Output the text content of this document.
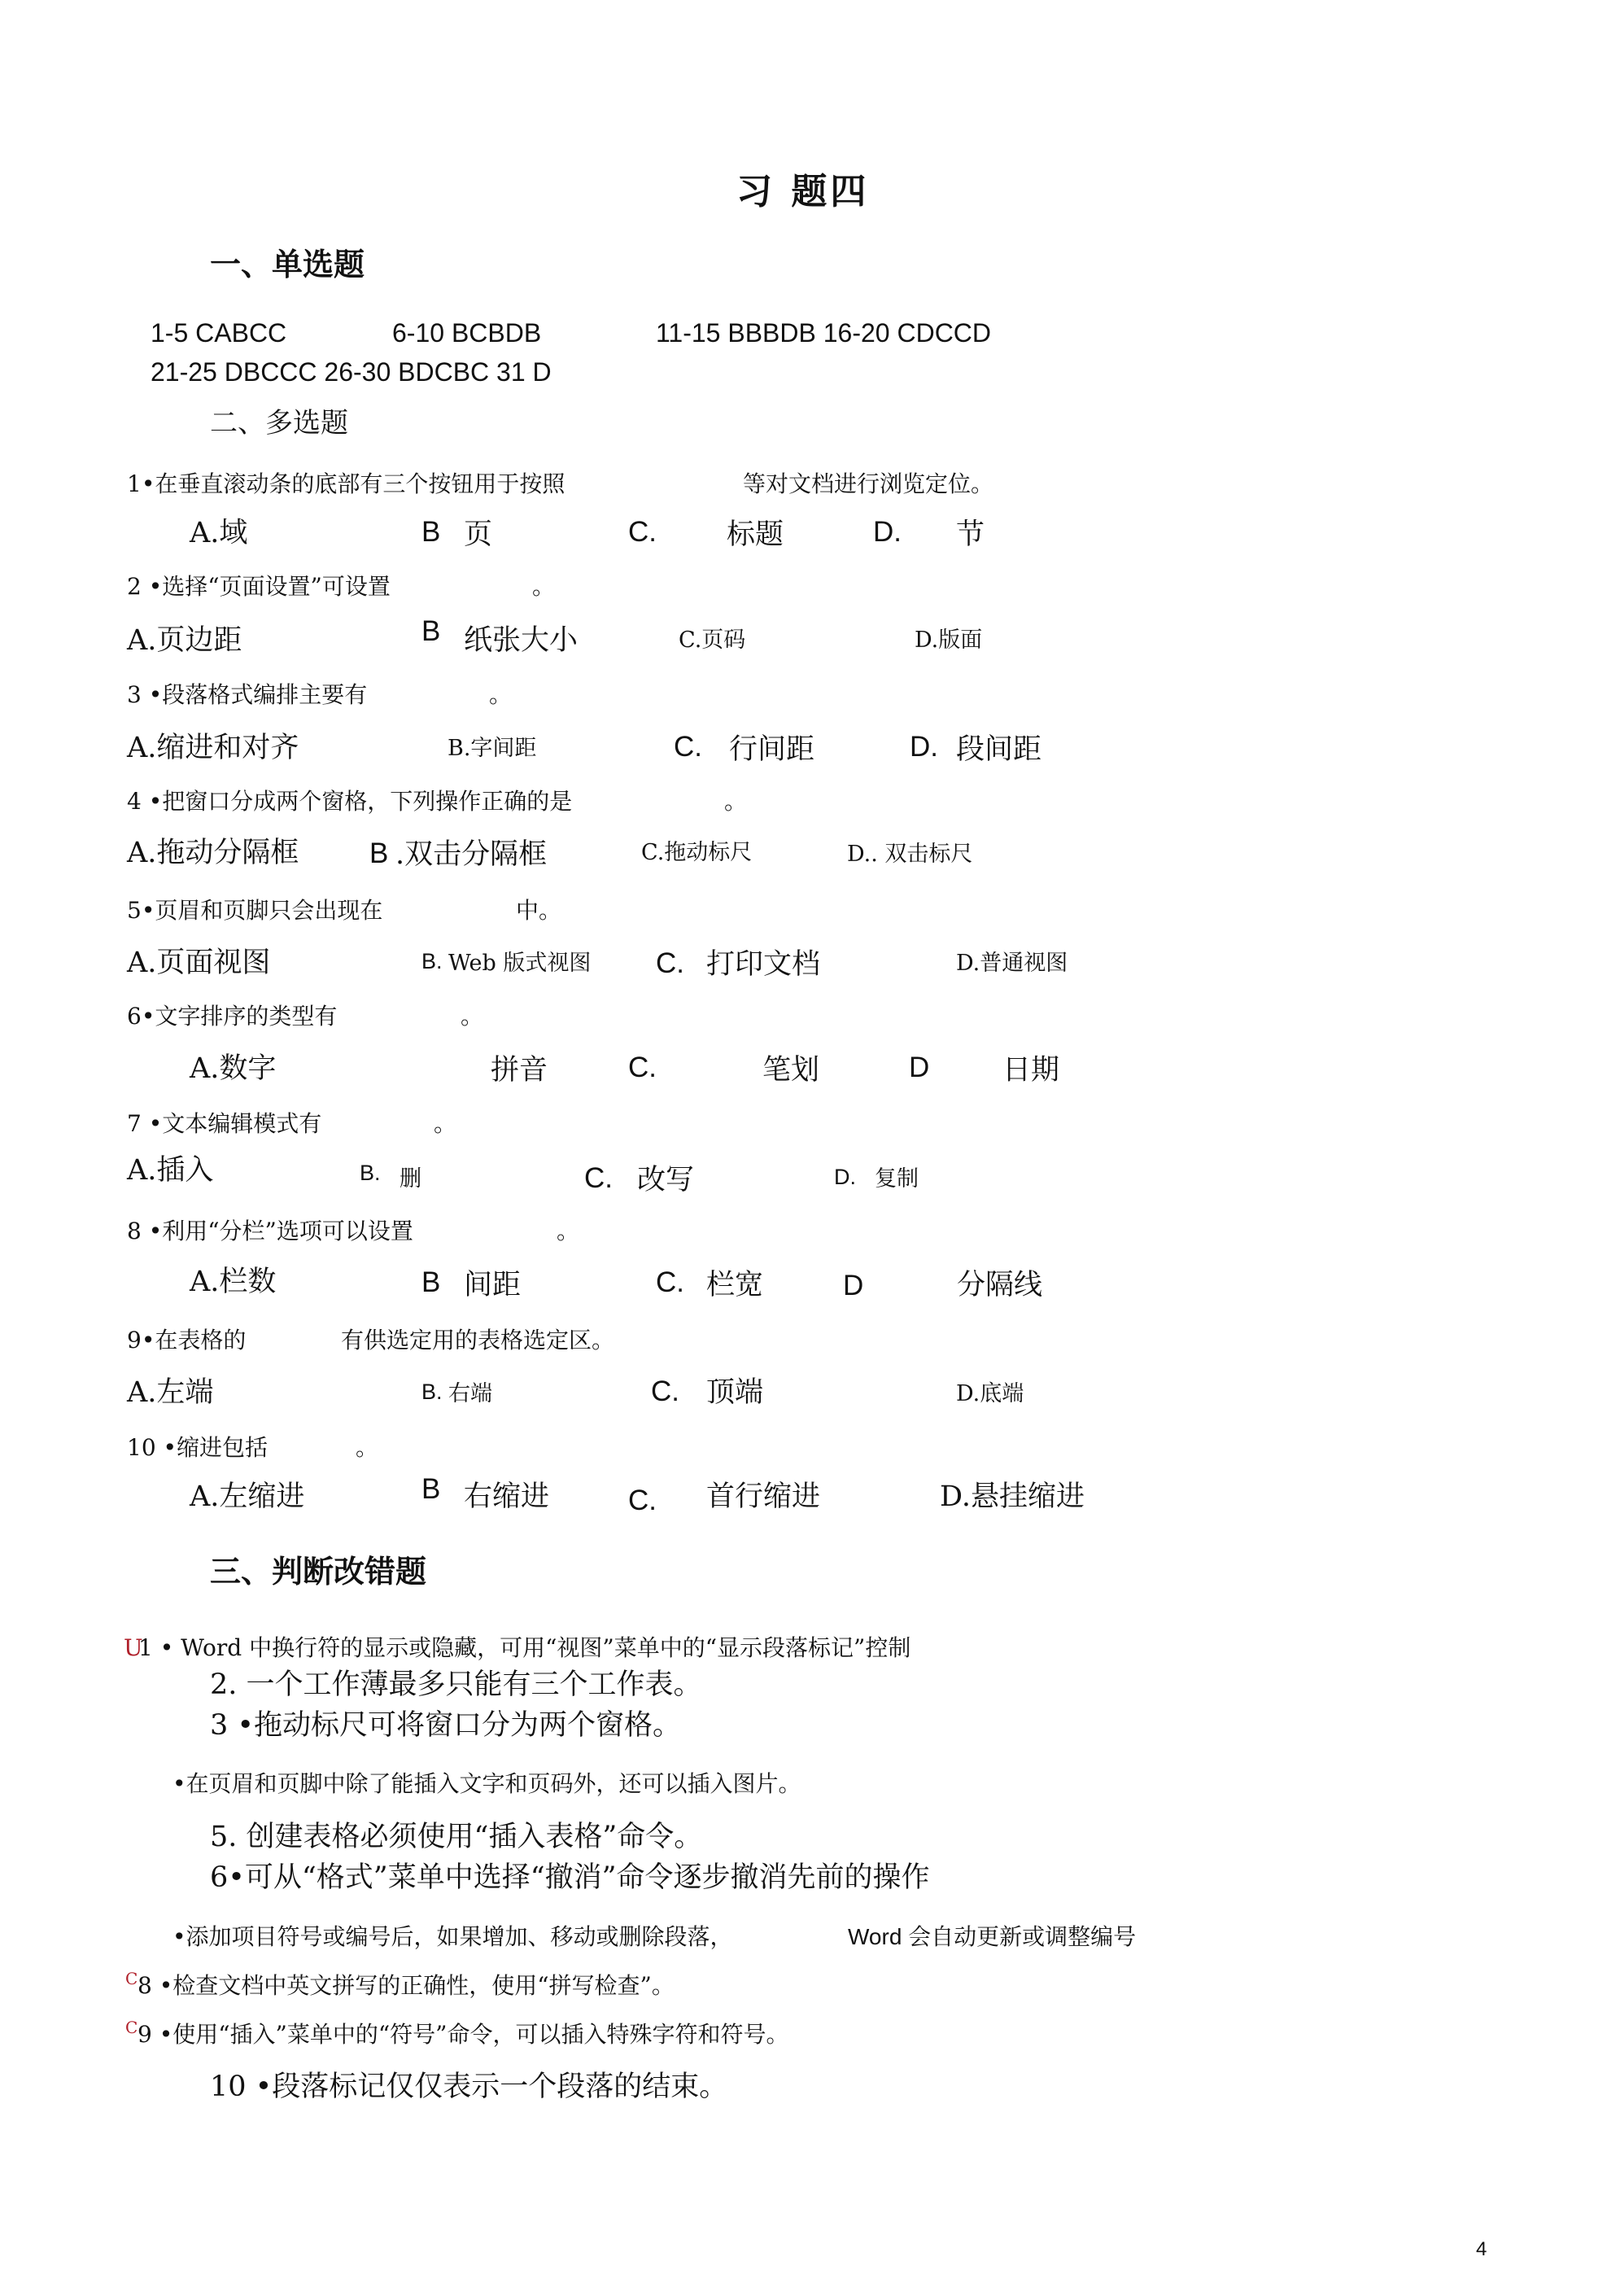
习 题四
一、单选题
1-5 CABCC	6-10 BCBDB	11-15 BBBDB 16-20 CDCCD
21-25 DBCCC 26-30 BDCBC 31 D
二、多选题
1•在垂直滚动条的底部有三个按钮用于按照	等对文档进行浏览定位。
A.域	B 页	C. 标题	D. 节
2 •选择“页面设置”可设置	。
A.页边距	B 纸张大小	C.页码	D.版面
3 •段落格式编排主要有	。
A.缩进和对齐	B.字间距	C. 行间距	D. 段间距
4 •把窗口分成两个窗格，下列操作正确的是	。
A.拖动分隔框 B .双击分隔框	C.拖动标尺	D.. 双击标尺
5•页眉和页脚只会出现在	中。
A.页面视图	B. Web 版式视图 C. 打印文档	D.普通视图
6•文字排序的类型有	。
A.数字	拼音	C.	笔划	D	日期
7 •文本编辑模式有	。
A.插入	B. 删	C. 改写	D. 复制
8 •利用“分栏”选项可以设置	。
A.栏数	B 间距	C. 栏宽	D	分隔线
9•在表格的	有供选定用的表格选定区。
A.左端	B. 右端	C. 顶端	D.底端
10 •缩进包括	。
A.左缩进	B 右缩进	C. 首行缩进	D.悬挂缩进
三、判断改错题
U
1 • Word 中换行符的显示或隐藏，可用“视图”菜单中的“显示段落标记”控制
2. 一个工作薄最多只能有三个工作表。
3 •拖动标尺可将窗口分为两个窗格。
•在页眉和页脚中除了能插入文字和页码外，还可以插入图片。
5. 创建表格必须使用“插入表格”命令。
6•可从“格式”菜单中选择“撤消”命令逐步撤消先前的操作
•添加项目符号或编号后，如果增加、移动或删除段落，	Word 会自动更新或调整编号
C 8 •检查文档中英文拼写的正确性，使用“拼写检查”。
C 9 •使用“插入”菜单中的“符号”命令，可以插入特殊字符和符号。
10 •段落标记仅仅表示一个段落的结束。
4
